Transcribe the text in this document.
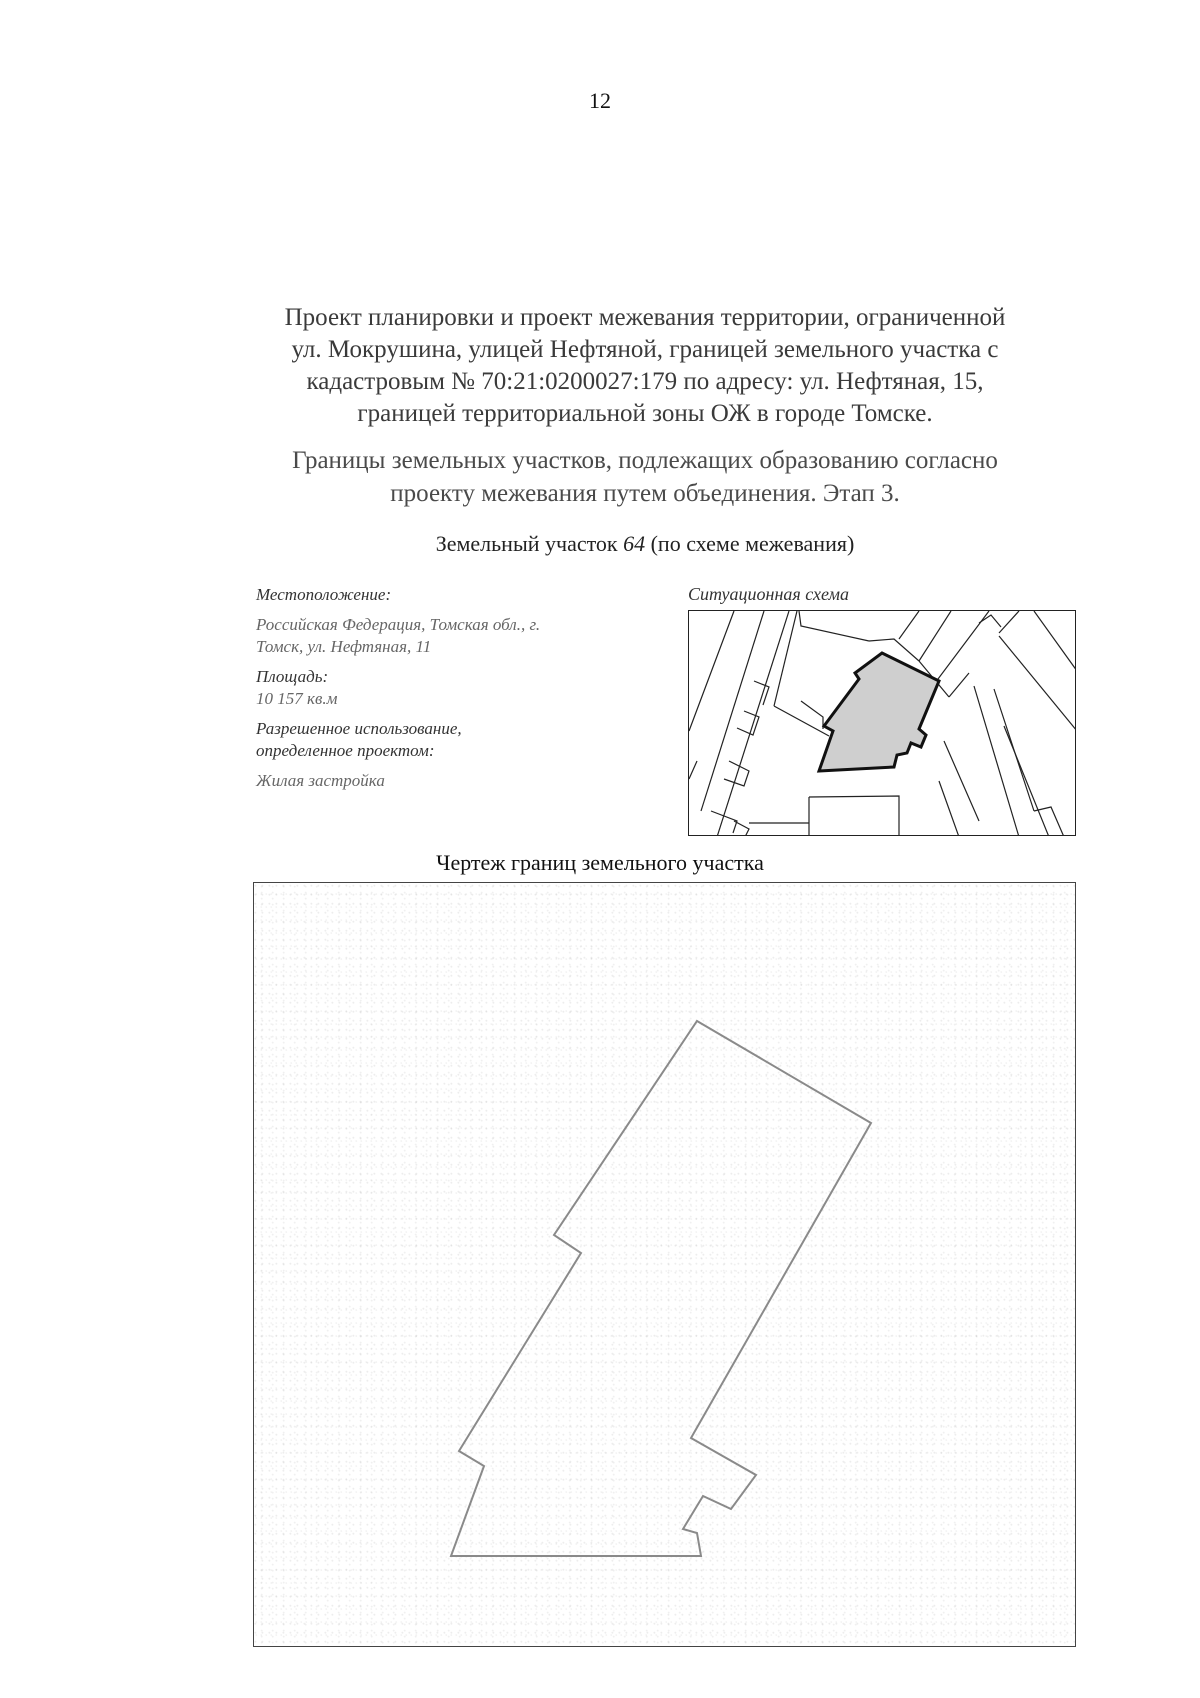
12
Проект планировки и проект межевания территории, ограниченной
ул. Мокрушина, улицей Нефтяной, границей земельного участка с
кадастровым № 70:21:0200027:179 по адресу: ул. Нефтяная, 15,
границей территориальной зоны ОЖ в городе Томске.
Границы земельных участков, подлежащих образованию согласно
проекту межевания путем объединения. Этап 3.
Земельный участок 64 (по схеме межевания)
Местоположение:
Российская Федерация, Томская обл., г.
Томск, ул. Нефтяная, 11
Площадь:
10 157 кв.м
Разрешенное использование,
определенное проектом:
Жилая застройка
Ситуационная схема
Чертеж границ земельного участка
